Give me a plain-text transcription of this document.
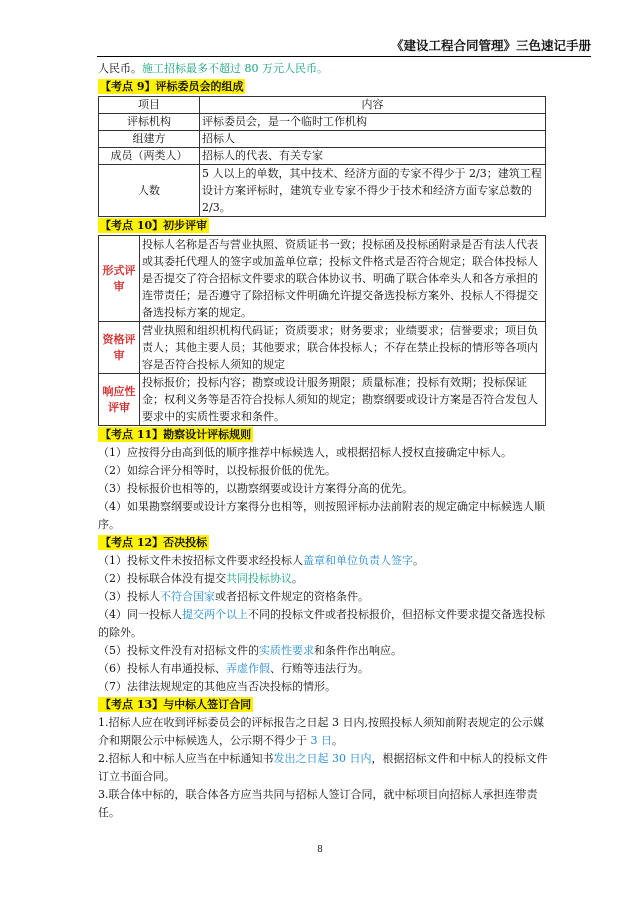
《建设工程合同管理》三色速记手册

人民币。施工招标最多不超过 80 万元人民币。

【考点 9】评标委员会的组成
项目	内容
评标机构	评标委员会，是一个临时工作机构
组建方	招标人
成员（两类人）	招标人的代表、有关专家
人数	5 人以上的单数，其中技术、经济方面的专家不得少于 2/3；建筑工程设计方案评标时，建筑专业专家不得少于技术和经济方面专家总数的 2/3。
【考点 10】初步评审
形式评审	投标人名称是否与营业执照、资质证书一致；投标函及投标函附录是否有法人代表或其委托代理人的签字或加盖单位章；投标文件格式是否符合规定；联合体投标人是否提交了符合招标文件要求的联合体协议书、明确了联合体牵头人和各方承担的连带责任；是否遵守了除招标文件明确允许提交备选投标方案外、投标人不得提交备选投标方案的规定。
资格评审	营业执照和组织机构代码证；资质要求；财务要求；业绩要求；信誉要求；项目负责人；其他主要人员；其他要求；联合体投标人；不存在禁止投标的情形等各项内容是否符合投标人须知的规定
响应性评审	投标报价；投标内容；勘察或设计服务期限；质量标准；投标有效期；投标保证金；权利义务等是否符合投标人须知的规定；勘察纲要或设计方案是否符合发包人要求中的实质性要求和条件。
【考点 11】勘察设计评标规则

（1）应按得分由高到低的顺序推荐中标候选人，或根据招标人授权直接确定中标人。

（2）如综合评分相等时，以投标报价低的优先。

（3）投标报价也相等的，以勘察纲要或设计方案得分高的优先。

（4）如果勘察纲要或设计方案得分也相等，则按照评标办法前附表的规定确定中标候选人顺序。

【考点 12】否决投标

（1）投标文件未按招标文件要求经投标人盖章和单位负责人签字。

（2）投标联合体没有提交共同投标协议。

（3）投标人不符合国家或者招标文件规定的资格条件。

（4）同一投标人提交两个以上不同的投标文件或者投标报价，但招标文件要求提交备选投标的除外。

（5）投标文件没有对招标文件的实质性要求和条件作出响应。

（6）投标人有串通投标、弄虚作假、行贿等违法行为。

（7）法律法规规定的其他应当否决投标的情形。

【考点 13】与中标人签订合同

1.招标人应在收到评标委员会的评标报告之日起 3 日内,按照投标人须知前附表规定的公示媒介和期限公示中标候选人，公示期不得少于 3 日。

2.招标人和中标人应当在中标通知书发出之日起 30 日内，根据招标文件和中标人的投标文件订立书面合同。

3.联合体中标的，联合体各方应当共同与招标人签订合同，就中标项目向招标人承担连带责任。

8
